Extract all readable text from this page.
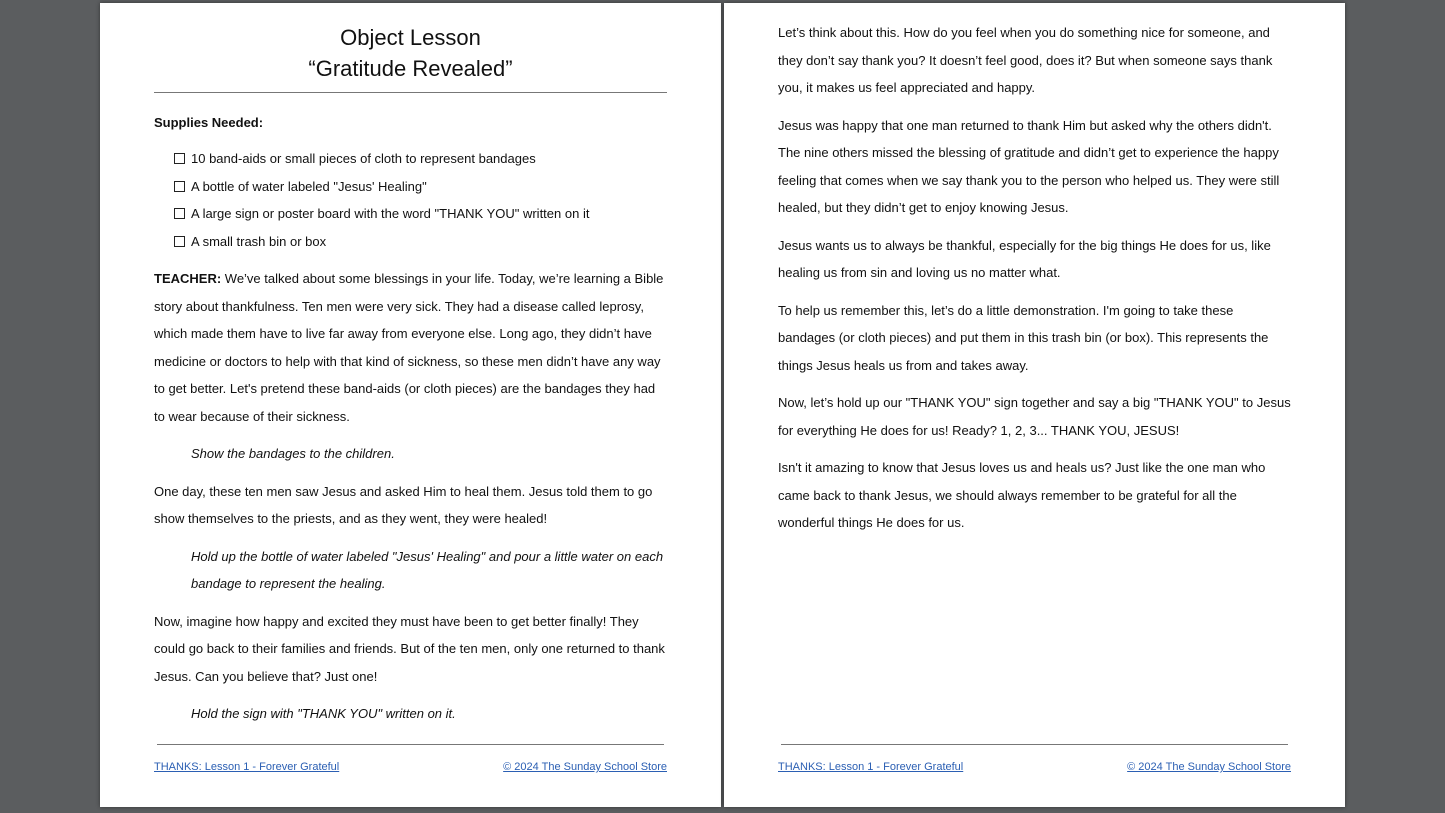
Object Lesson
“Gratitude Revealed”
Supplies Needed:
10 band-aids or small pieces of cloth to represent bandages
A bottle of water labeled "Jesus' Healing"
A large sign or poster board with the word "THANK YOU" written on it
A small trash bin or box

TEACHER: We’ve talked about some blessings in your life. Today, we’re learning a Bible story about thankfulness. Ten men were very sick. They had a disease called leprosy, which made them have to live far away from everyone else. Long ago, they didn’t have medicine or doctors to help with that kind of sickness, so these men didn’t have any way to get better. Let's pretend these band-aids (or cloth pieces) are the bandages they had to wear because of their sickness.

Show the bandages to the children.

One day, these ten men saw Jesus and asked Him to heal them. Jesus told them to go show themselves to the priests, and as they went, they were healed!

Hold up the bottle of water labeled "Jesus' Healing" and pour a little water on each bandage to represent the healing.

Now, imagine how happy and excited they must have been to get better finally! They could go back to their families and friends. But of the ten men, only one returned to thank Jesus. Can you believe that? Just one!

Hold the sign with "THANK YOU" written on it.

THANKS: Lesson 1 - Forever Grateful	© 2024 The Sunday School Store

Let’s think about this. How do you feel when you do something nice for someone, and they don’t say thank you? It doesn’t feel good, does it? But when someone says thank you, it makes us feel appreciated and happy.

Jesus was happy that one man returned to thank Him but asked why the others didn't. The nine others missed the blessing of gratitude and didn’t get to experience the happy feeling that comes when we say thank you to the person who helped us. They were still healed, but they didn’t get to enjoy knowing Jesus.

Jesus wants us to always be thankful, especially for the big things He does for us, like healing us from sin and loving us no matter what.

To help us remember this, let’s do a little demonstration. I'm going to take these bandages (or cloth pieces) and put them in this trash bin (or box). This represents the things Jesus heals us from and takes away.

Now, let’s hold up our "THANK YOU" sign together and say a big "THANK YOU" to Jesus for everything He does for us! Ready? 1, 2, 3... THANK YOU, JESUS!

Isn't it amazing to know that Jesus loves us and heals us? Just like the one man who came back to thank Jesus, we should always remember to be grateful for all the wonderful things He does for us.

THANKS: Lesson 1 - Forever Grateful	© 2024 The Sunday School Store
